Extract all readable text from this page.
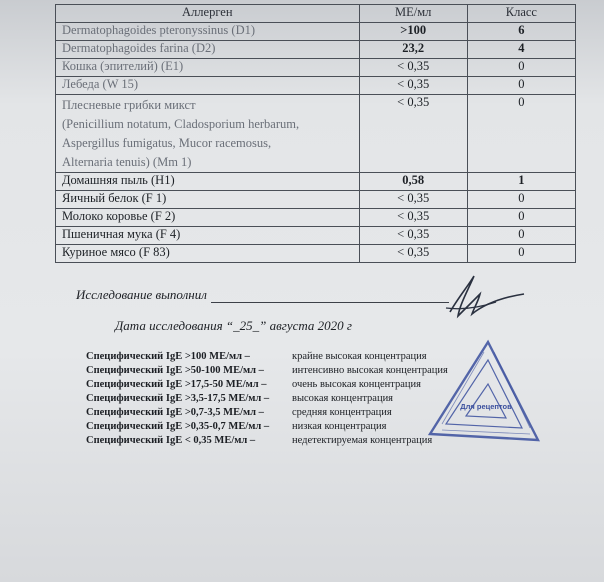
Аллерген	МЕ/мл	Класс
Dermatophagoides pteronyssinus (D1)	>100	6
Dermatophagoides farina (D2)	23,2	4
Кошка (эпителий) (E1)	< 0,35	0
Лебеда (W 15)	< 0,35	0

Плесневые грибки микст
(Penicillium notatum, Cladosporium herbarum,
Aspergillus fumigatus, Mucor racemosus,
Alternaria tenuis) (Mm 1)	< 0,35	0
Домашняя пыль (H1)	0,58	1
Яичный белок (F 1)	< 0,35	0
Молоко коровье (F 2)	< 0,35	0
Пшеничная мука (F 4)	< 0,35	0
Куриное мясо (F 83)	< 0,35	0
Исследование выполнил
Дата исследования “_25_” августа 2020 г
Специфический IgE >100 МЕ/мл –	крайне высокая концентрация
Специфический IgE >50-100 МЕ/мл –	интенсивно высокая концентрация
Специфический IgE >17,5-50 МЕ/мл –	очень высокая концентрация
Специфический IgE >3,5-17,5 МЕ/мл –	высокая концентрация
Специфический IgE >0,7-3,5 МЕ/мл –	средняя концентрация
Специфический IgE >0,35-0,7 МЕ/мл –	низкая концентрация
Специфический IgE < 0,35 МЕ/мл –	недетектируемая концентрация
Для рецептов
